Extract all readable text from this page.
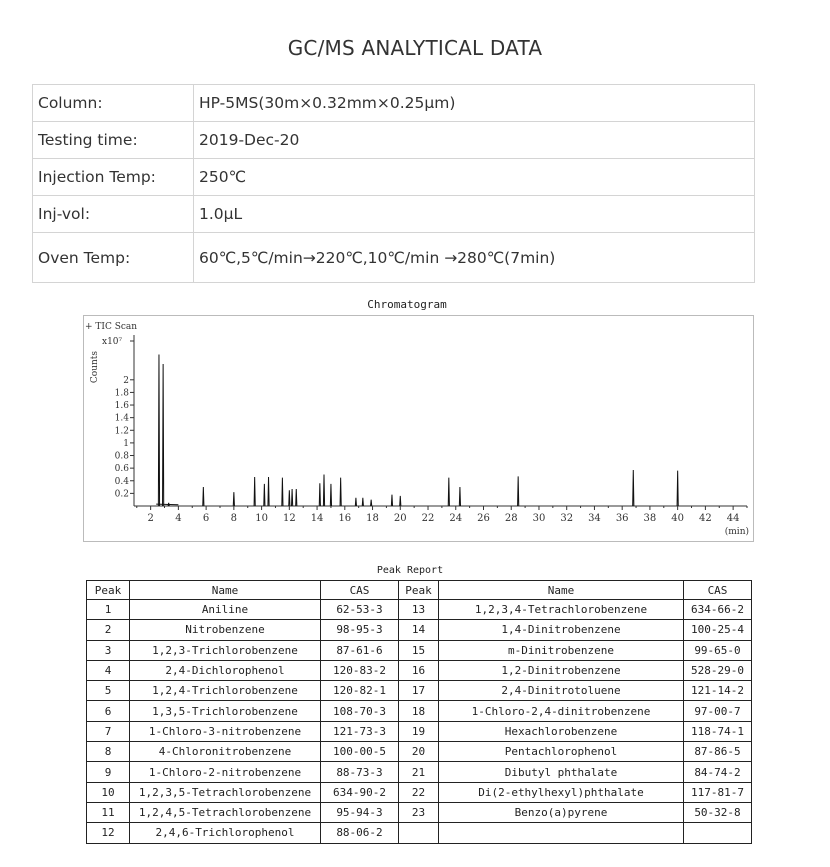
GC/MS ANALYTICAL DATA
Column:	HP-5MS(30m×0.32mm×0.25μm)
Testing time:	2019-Dec-20
Injection Temp:	250℃
Inj-vol:	1.0μL
Oven Temp:	60℃,5℃/min→220℃,10℃/min →280℃(7min)
Chromatogram
+ TIC Scan
x10⁷
Counts
0.2
0.4
0.6
0.8
1
1.2
1.4
1.6
1.8
2
2 4 6 8 10 12 14 16 18 20 22 24 26 28 30 32 34 36 38 40 42 44
(min)
Peak Report
Peak	Name	CAS	Peak	Name	CAS
1	Aniline	62-53-3	13	1,2,3,4-Tetrachlorobenzene	634-66-2
2	Nitrobenzene	98-95-3	14	1,4-Dinitrobenzene	100-25-4
3	1,2,3-Trichlorobenzene	87-61-6	15	m-Dinitrobenzene	99-65-0
4	2,4-Dichlorophenol	120-83-2	16	1,2-Dinitrobenzene	528-29-0
5	1,2,4-Trichlorobenzene	120-82-1	17	2,4-Dinitrotoluene	121-14-2
6	1,3,5-Trichlorobenzene	108-70-3	18	1-Chloro-2,4-dinitrobenzene	97-00-7
7	1-Chloro-3-nitrobenzene	121-73-3	19	Hexachlorobenzene	118-74-1
8	4-Chloronitrobenzene	100-00-5	20	Pentachlorophenol	87-86-5
9	1-Chloro-2-nitrobenzene	88-73-3	21	Dibutyl phthalate	84-74-2
10	1,2,3,5-Tetrachlorobenzene	634-90-2	22	Di(2-ethylhexyl)phthalate	117-81-7
11	1,2,4,5-Tetrachlorobenzene	95-94-3	23	Benzo(a)pyrene	50-32-8
12	2,4,6-Trichlorophenol	88-06-2			
